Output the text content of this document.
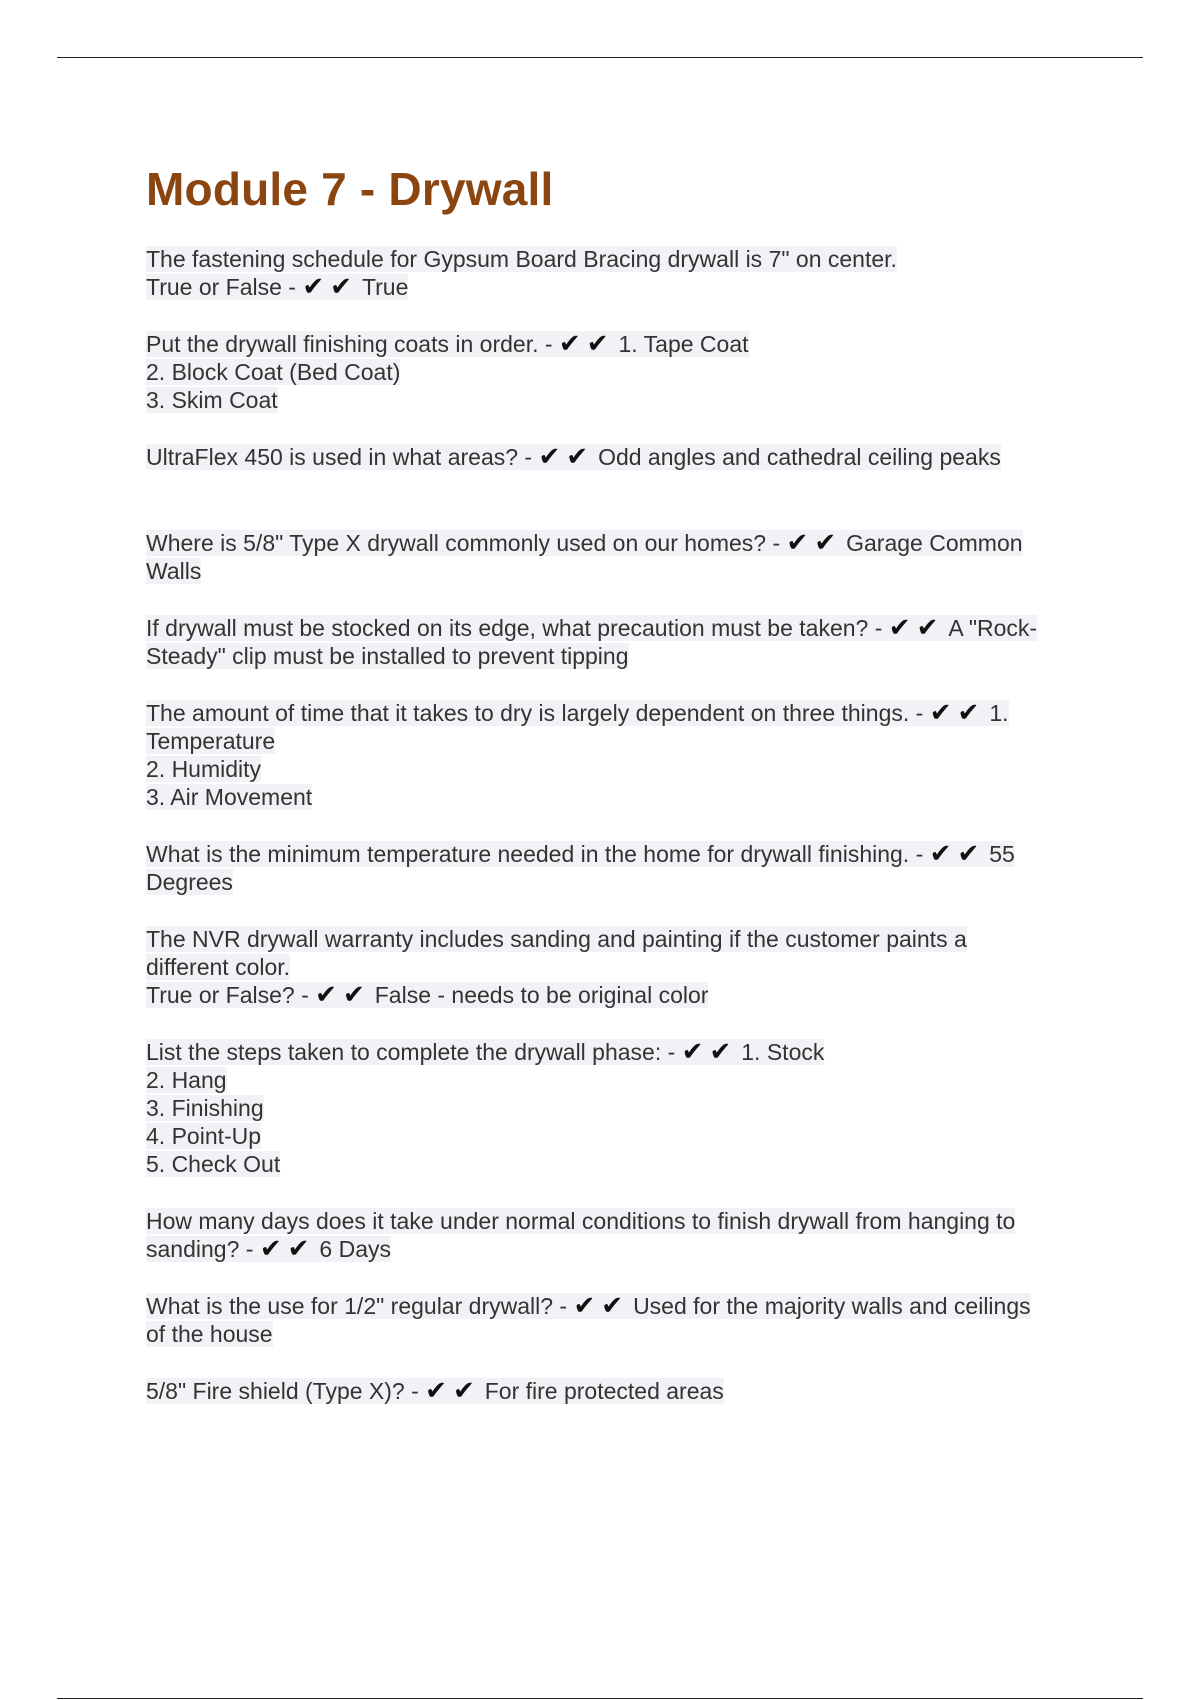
Module 7 - Drywall
The fastening schedule for Gypsum Board Bracing drywall is 7" on center.
True or False - ✔ ✔ True
Put the drywall finishing coats in order. - ✔ ✔ 1. Tape Coat
2. Block Coat (Bed Coat)
3. Skim Coat
UltraFlex 450 is used in what areas? - ✔ ✔ Odd angles and cathedral ceiling peaks
Where is 5/8" Type X drywall commonly used on our homes? - ✔ ✔ Garage Common
Walls
If drywall must be stocked on its edge, what precaution must be taken? - ✔ ✔ A "Rock-
Steady" clip must be installed to prevent tipping
The amount of time that it takes to dry is largely dependent on three things. - ✔ ✔ 1.
Temperature
2. Humidity
3. Air Movement
What is the minimum temperature needed in the home for drywall finishing. - ✔ ✔ 55
Degrees
The NVR drywall warranty includes sanding and painting if the customer paints a
different color.
True or False? - ✔ ✔ False - needs to be original color
List the steps taken to complete the drywall phase: - ✔ ✔ 1. Stock
2. Hang
3. Finishing
4. Point-Up
5. Check Out
How many days does it take under normal conditions to finish drywall from hanging to
sanding? - ✔ ✔ 6 Days
What is the use for 1/2" regular drywall? - ✔ ✔ Used for the majority walls and ceilings
of the house
5/8" Fire shield (Type X)? - ✔ ✔ For fire protected areas
